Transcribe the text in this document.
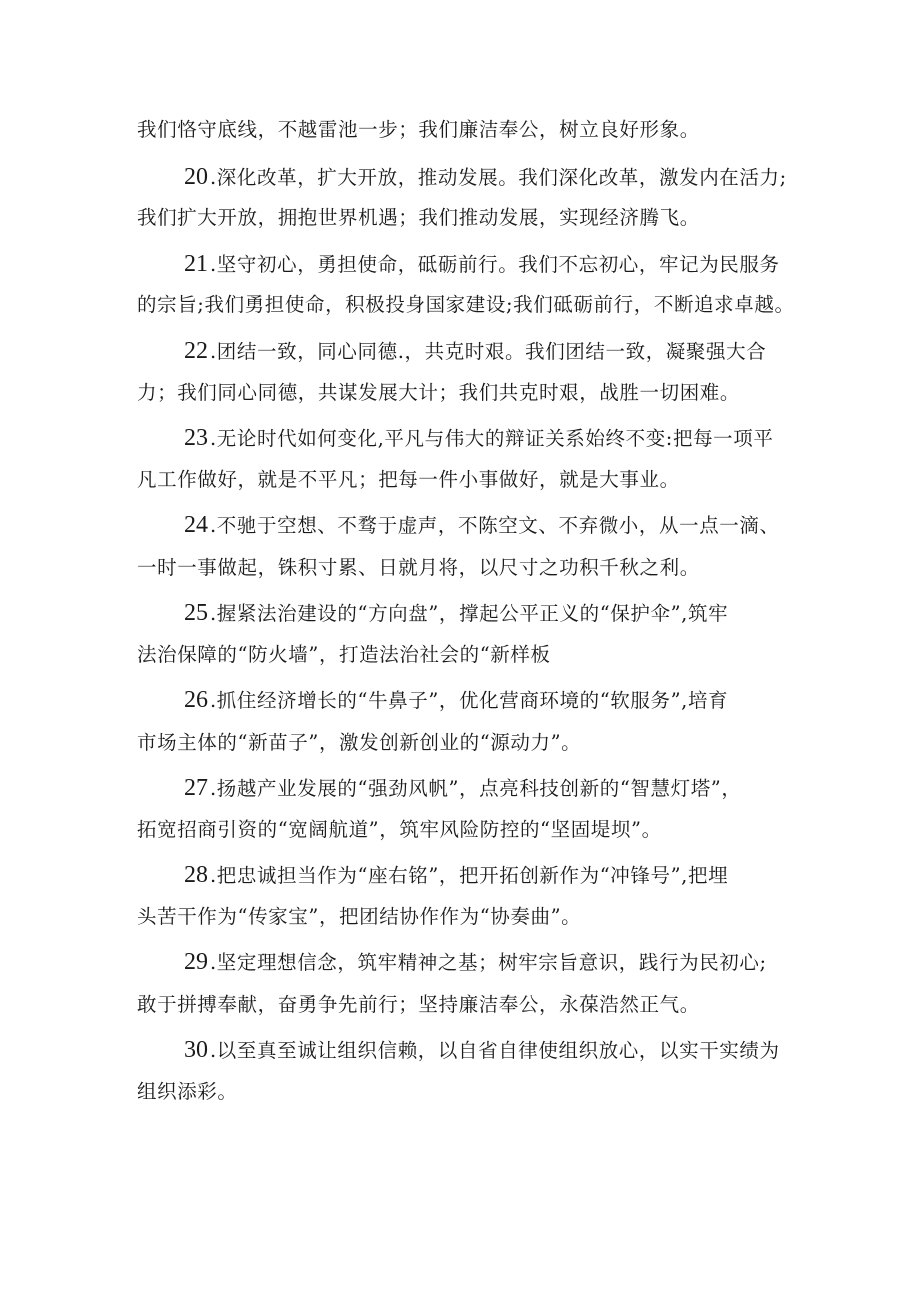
我们恪守底线，不越雷池一步；我们廉洁奉公，树立良好形象。
20 .深化改革，扩大开放，推动发展。我们深化改革，激发内在活力;
我们扩大开放，拥抱世界机遇；我们推动发展，实现经济腾飞。
21 .坚守初心，勇担使命，砥砺前行。我们不忘初心，牢记为民服务
的宗旨;我们勇担使命，积极投身国家建设;我们砥砺前行，不断追求卓越。
22 .团结一致，同心同德.，共克时艰。我们团结一致，凝聚强大合
力；我们同心同德，共谋发展大计；我们共克时艰，战胜一切困难。
23 .无论时代如何变化,平凡与伟大的辩证关系始终不变:把每一项平
凡工作做好，就是不平凡；把每一件小事做好，就是大事业。
24 .不驰于空想、不骛于虚声，不陈空文、不弃微小，从一点一滴、
一时一事做起，铢积寸累、日就月将，以尺寸之功积千秋之利。
25 .握紧法治建设的“方向盘”，撑起公平正义的“保护伞”,筑牢
法治保障的“防火墙”，打造法治社会的“新样板
26 .抓住经济增长的“牛鼻子”，优化营商环境的“软服务”,培育
市场主体的“新苗子”，激发创新创业的“源动力”。
27 .扬越产业发展的“强劲风帆”，点亮科技创新的“智慧灯塔”，
拓宽招商引资的“宽阔航道”，筑牢风险防控的“坚固堤坝”。
28 .把忠诚担当作为“座右铭”，把开拓创新作为“冲锋号”,把埋
头苦干作为“传家宝”，把团结协作作为“协奏曲”。
29 .坚定理想信念，筑牢精神之基；树牢宗旨意识，践行为民初心;
敢于拼搏奉献，奋勇争先前行；坚持廉洁奉公，永葆浩然正气。
30 .以至真至诚让组织信赖，以自省自律使组织放心，以实干实绩为
组织添彩。
